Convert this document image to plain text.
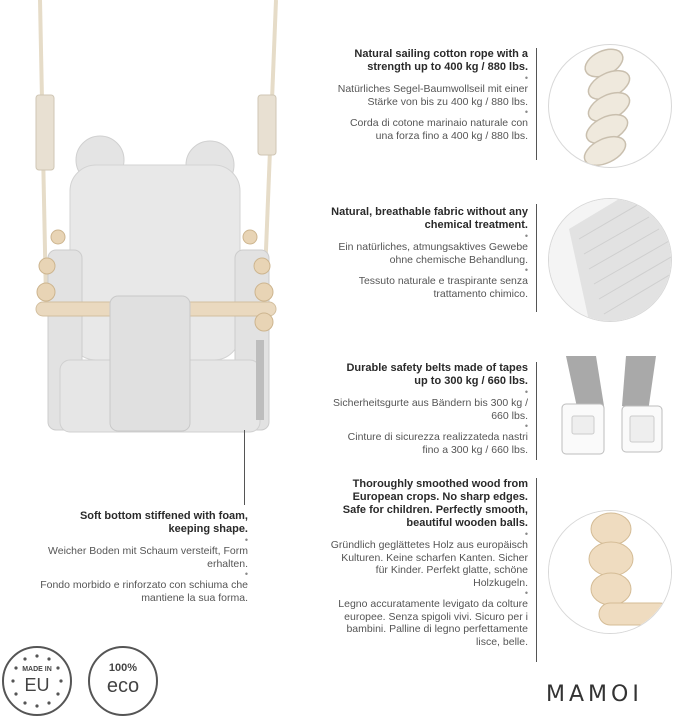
Soft bottom stiffened with foam, keeping shape.
•
Weicher Boden mit Schaum versteift, Form erhalten.
•
Fondo morbido e rinforzato con schiuma che mantiene la sua forma.
Natural sailing cotton rope with a strength up to 400 kg / 880 lbs.
•
Natürliches Segel-Baumwollseil mit einer Stärke von bis zu 400 kg / 880 lbs.
•
Corda di cotone marinaio naturale con una forza fino a 400 kg / 880 lbs.
Natural, breathable fabric without any chemical treatment.
•
Ein natürliches, atmungsaktives Gewebe ohne chemische Behandlung.
•
Tessuto naturale e traspirante senza trattamento chimico.
Durable safety belts made of tapes up to 300 kg / 660 lbs.
•
Sicherheitsgurte aus Bändern bis 300 kg / 660 lbs.
•
Cinture di sicurezza realizzateda nastri fino a 300 kg / 660 lbs.
Thoroughly smoothed wood from European crops. No sharp edges. Safe for children. Perfectly smooth, beautiful wooden balls.
•
Gründlich geglättetes Holz aus europäisch Kulturen. Keine scharfen Kanten. Sicher für Kinder. Perfekt glatte, schöne Holzkugeln.
•
Legno accuratamente levigato da colture europee. Senza spigoli vivi. Sicuro per i bambini. Palline di legno perfettamente lisce, belle.
MADE IN
EU
100%
eco	MAMOI
